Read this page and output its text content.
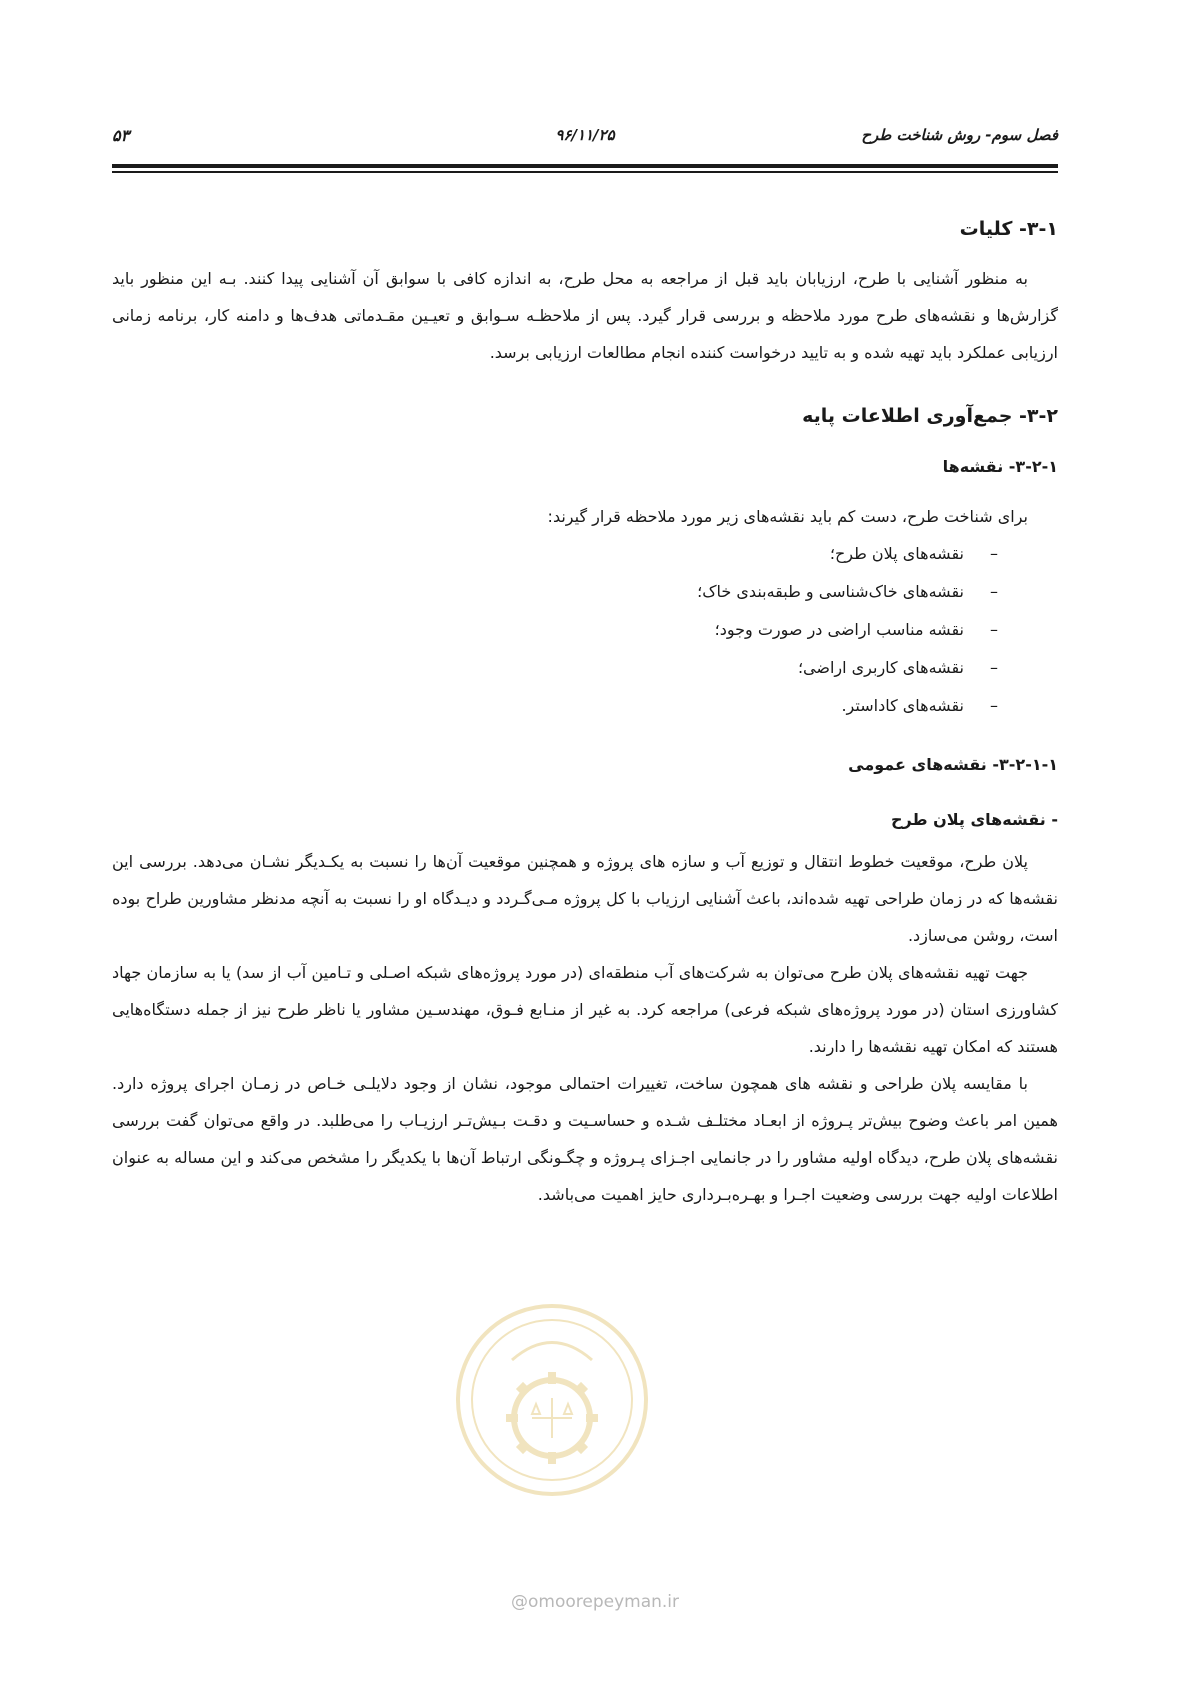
فصل سوم- روش شناخت طرح
۹۶/۱۱/۲۵
۵۳
۳-۱- کلیات

به منظور آشنایی با طرح، ارزیابان باید قبل از مراجعه به محل طرح، به اندازه کافی با سوابق آن آشنایی پیدا کنند. بـه این منظور باید گزارش‌ها و نقشه‌های طرح مورد ملاحظه و بررسی قرار گیرد. پس از ملاحظـه سـوابق و تعیـین مقـدماتی هدف‌ها و دامنه کار، برنامه زمانی ارزیابی عملکرد باید تهیه شده و به تایید درخواست کننده انجام مطالعات ارزیابی برسد.

۳-۲- جمع‌آوری اطلاعات پایه
۳-۲-۱- نقشه‌ها

برای شناخت طرح، دست کم باید نقشه‌های زیر مورد ملاحظه قرار گیرند:

–
نقشه‌های پلان طرح؛
–
نقشه‌های خاک‌شناسی و طبقه‌بندی خاک؛
–
نقشه مناسب اراضی در صورت وجود؛
–
نقشه‌های کاربری اراضی؛
–
نقشه‌های کاداستر.
۳-۲-۱-۱- نقشه‌های عمومی
- نقشه‌های پلان طرح

پلان طرح، موقعیت خطوط انتقال و توزیع آب و سازه های پروژه و همچنین موقعیت آن‌ها را نسبت به یکـدیگر نشـان می‌دهد. بررسی این نقشه‌ها که در زمان طراحی تهیه شده‌اند، باعث آشنایی ارزیاب با کل پروژه مـی‌گـردد و دیـدگاه او را نسبت به آنچه مدنظر مشاورین طراح بوده است، روشن می‌سازد.

جهت تهیه نقشه‌های پلان طرح می‌توان به شرکت‌های آب منطقه‌ای (در مورد پروژه‌های شبکه اصـلی و تـامین آب از سد) یا به سازمان جهاد کشاورزی استان (در مورد پروژه‌های شبکه فرعی) مراجعه کرد. به غیر از منـابع فـوق، مهندسـین مشاور یا ناظر طرح نیز از جمله دستگاه‌هایی هستند که امکان تهیه نقشه‌ها را دارند.

با مقایسه پلان طراحی و نقشه های همچون ساخت، تغییرات احتمالی موجود، نشان از وجود دلایلـی خـاص در زمـان اجرای پروژه دارد. همین امر باعث وضوح بیش‌تر پـروژه از ابعـاد مختلـف شـده و حساسـیت و دقـت بـیش‌تـر ارزیـاب را می‌طلبد. در واقع می‌توان گفت بررسی نقشه‌های پلان طرح، دیدگاه اولیه مشاور را در جانمایی اجـزای پـروژه و چگـونگی ارتباط آن‌ها با یکدیگر را مشخص می‌کند و این مساله به عنوان اطلاعات اولیه جهت بررسی وضعیت اجـرا و بهـره‌بـرداری حایز اهمیت می‌باشد.

@omoorepeyman.ir
